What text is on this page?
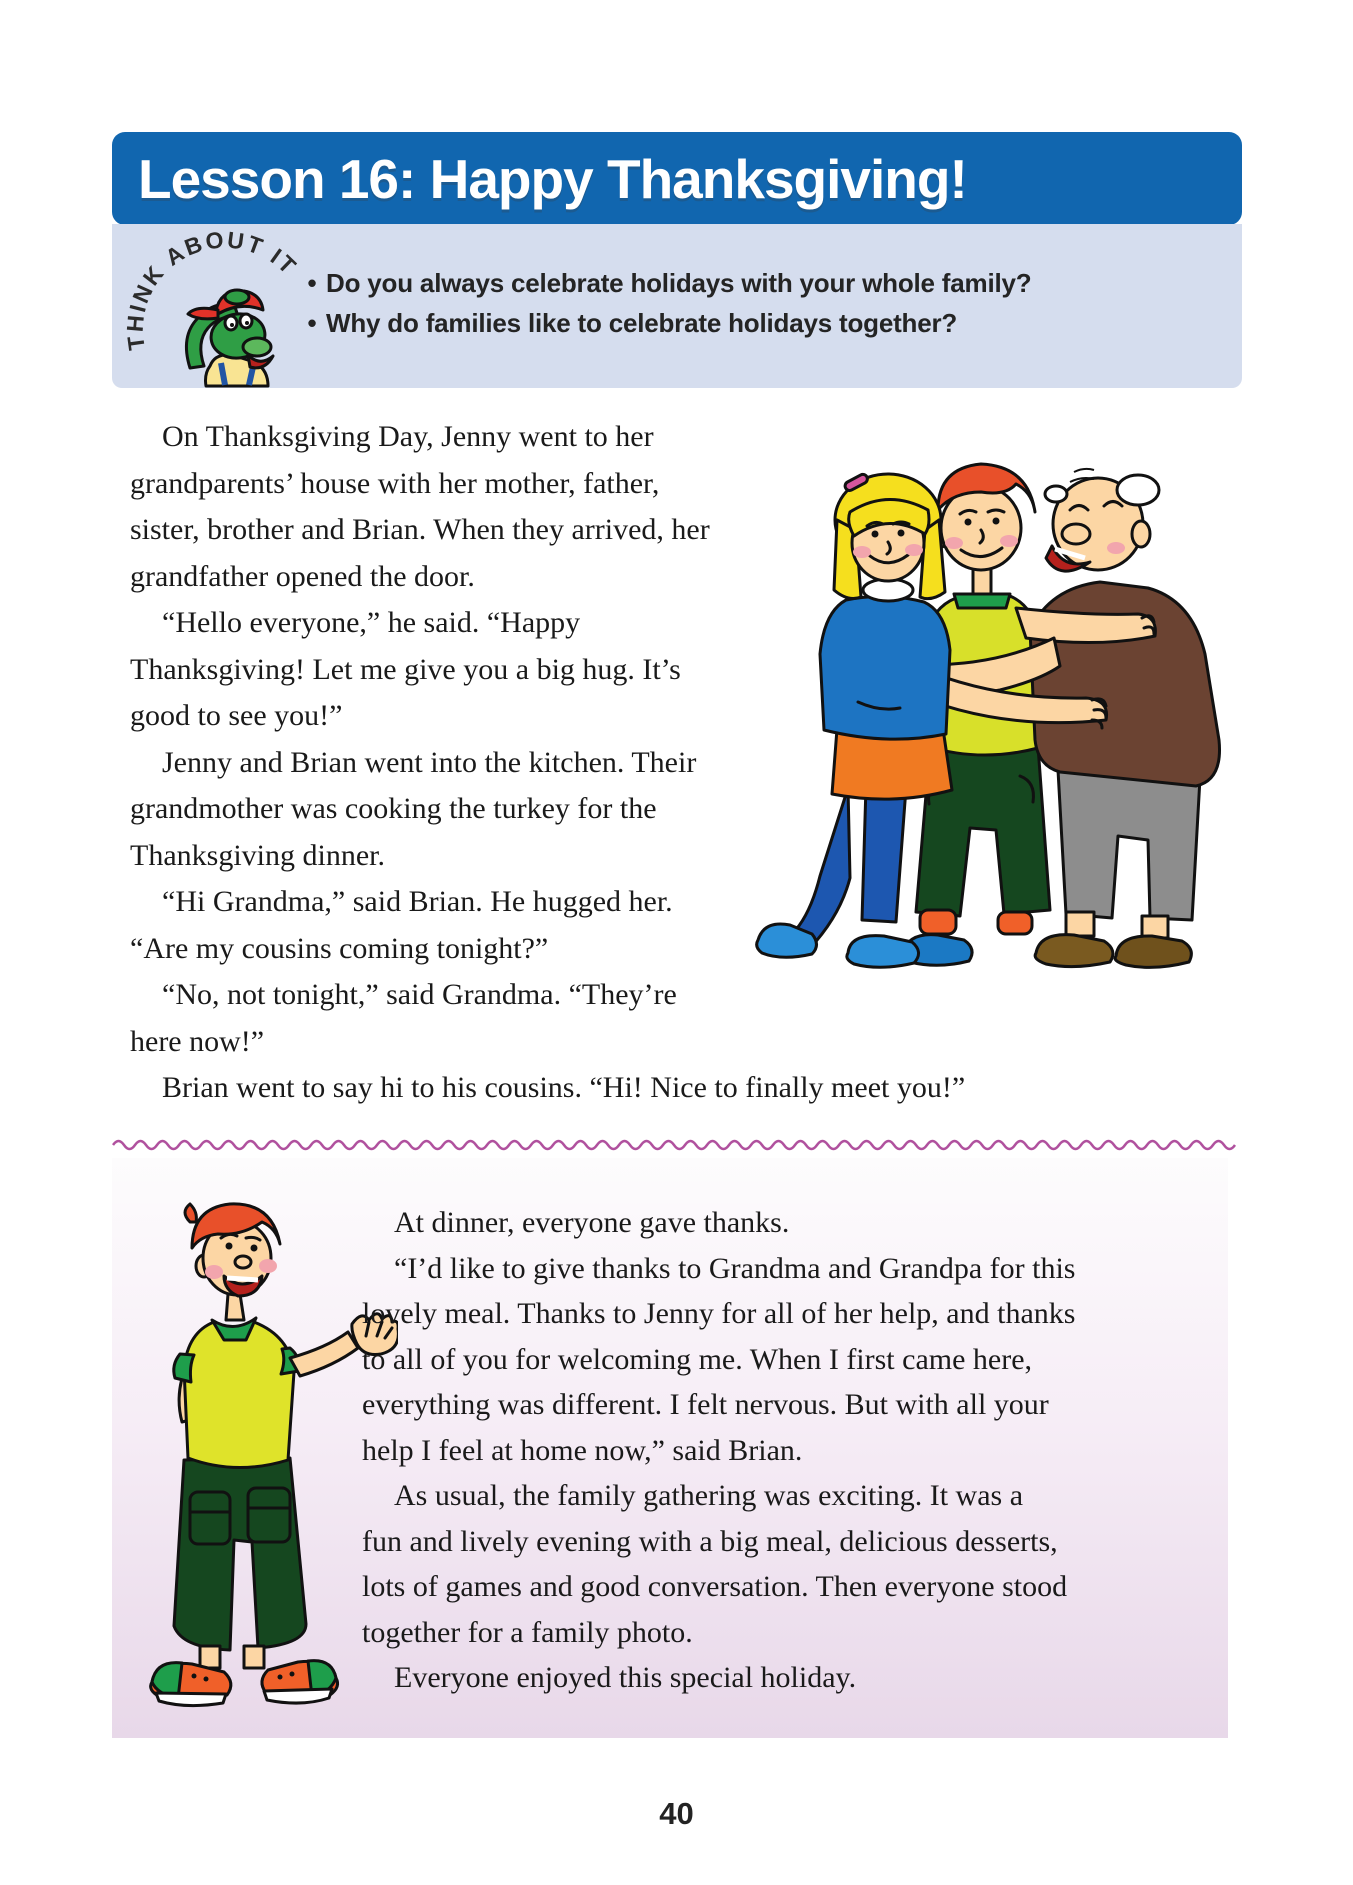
Lesson 16: Happy Thanksgiving!
THINK ABOUT IT
• Do you always celebrate holidays with your whole family?
• Why do families like to celebrate holidays together?
On Thanksgiving Day, Jenny went to her
grandparents’ house with her mother, father,
sister, brother and Brian. When they arrived, her
grandfather opened the door.
“Hello everyone,” he said. “Happy
Thanksgiving! Let me give you a big hug. It’s
good to see you!”
Jenny and Brian went into the kitchen. Their
grandmother was cooking the turkey for the
Thanksgiving dinner.
“Hi Grandma,” said Brian. He hugged her.
“Are my cousins coming tonight?”
“No, not tonight,” said Grandma. “They’re
here now!”
Brian went to say hi to his cousins. “Hi! Nice to finally meet you!”
At dinner, everyone gave thanks.
“I’d like to give thanks to Grandma and Grandpa for this
lovely meal. Thanks to Jenny for all of her help, and thanks
to all of you for welcoming me. When I first came here,
everything was different. I felt nervous. But with all your
help I feel at home now,” said Brian.
As usual, the family gathering was exciting. It was a
fun and lively evening with a big meal, delicious desserts,
lots of games and good conversation. Then everyone stood
together for a family photo.
Everyone enjoyed this special holiday.
40
